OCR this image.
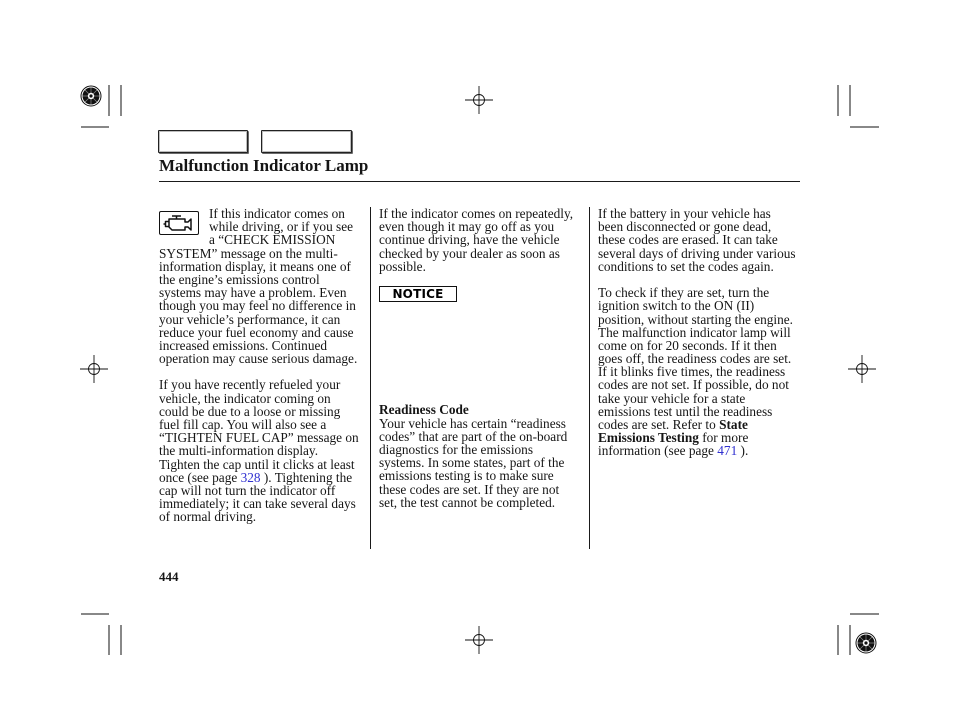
Malfunction Indicator Lamp
If this indicator comes on
while driving, or if you see
a “CHECK EMISSION
SYSTEM” message on the multi-
information display, it means one of
the engine’s emissions control
systems may have a problem. Even
though you may feel no difference in
your vehicle’s performance, it can
reduce your fuel economy and cause
increased emissions. Continued
operation may cause serious damage.
If you have recently refueled your
vehicle, the indicator coming on
could be due to a loose or missing
fuel fill cap. You will also see a
“TIGHTEN FUEL CAP” message on
the multi-information display.
Tighten the cap until it clicks at least
once (see page 328 ). Tightening the
cap will not turn the indicator off
immediately; it can take several days
of normal driving.
If the indicator comes on repeatedly,
even though it may go off as you
continue driving, have the vehicle
checked by your dealer as soon as
possible.
NOTICE
Readiness Code
Your vehicle has certain “readiness
codes” that are part of the on-board
diagnostics for the emissions
systems. In some states, part of the
emissions testing is to make sure
these codes are set. If they are not
set, the test cannot be completed.
If the battery in your vehicle has
been disconnected or gone dead,
these codes are erased. It can take
several days of driving under various
conditions to set the codes again.
To check if they are set, turn the
ignition switch to the ON (II)
position, without starting the engine.
The malfunction indicator lamp will
come on for 20 seconds. If it then
goes off, the readiness codes are set.
If it blinks five times, the readiness
codes are not set. If possible, do not
take your vehicle for a state
emissions test until the readiness
codes are set. Refer to State
Emissions Testing for more
information (see page 471 ).
444
